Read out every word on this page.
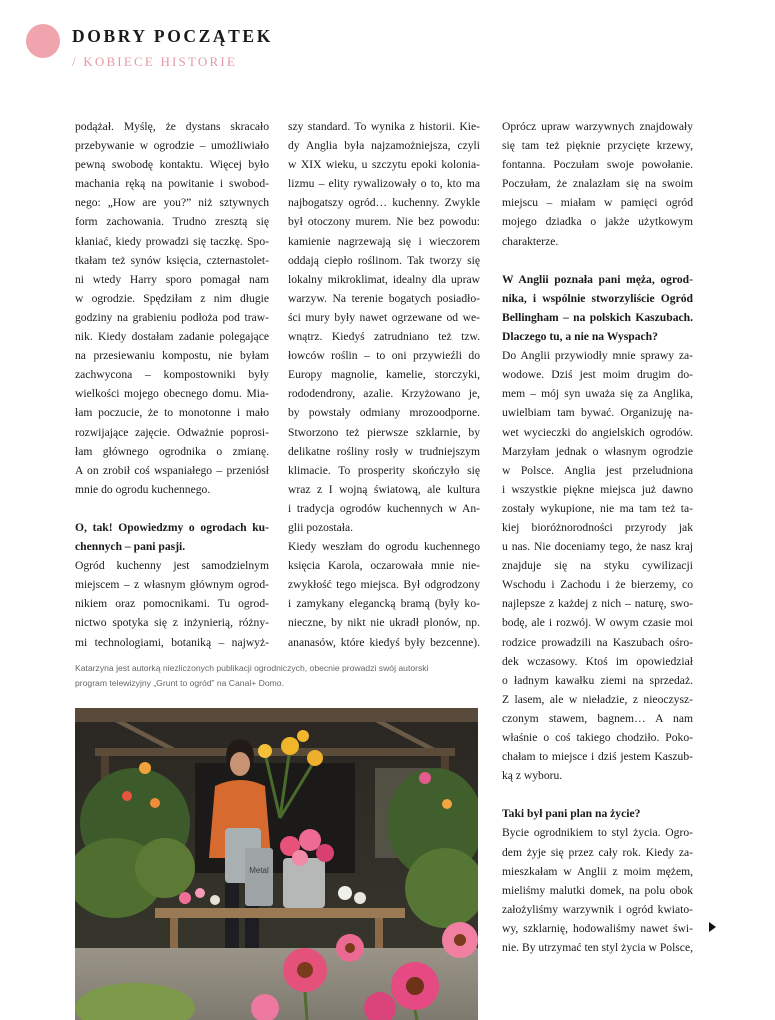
DOBRY POCZĄTEK
/ KOBIECE HISTORIE

podążał. Myślę, że dystans skracało

przebywanie w ogrodzie – umożliwiało

pewną swobodę kontaktu. Więcej było

machania ręką na powitanie i swobod-

nego: „How are you?” niż sztywnych

form zachowania. Trudno zresztą się

kłaniać, kiedy prowadzi się taczkę. Spo-

tkałam też synów księcia, czternastolet-

ni wtedy Harry sporo pomagał nam

w ogrodzie. Spędziłam z nim długie

godziny na grabieniu podłoża pod traw-

nik. Kiedy dostałam zadanie polegające

na przesiewaniu kompostu, nie byłam

zachwycona – kompostowniki były

wielkości mojego obecnego domu. Mia-

łam poczucie, że to monotonne i mało

rozwijające zajęcie. Odważnie poprosi-

łam głównego ogrodnika o zmianę.

A on zrobił coś wspaniałego – przeniósł

mnie do ogrodu kuchennego.

O, tak! Opowiedzmy o ogrodach ku-

chennych – pani pasji.

Ogród kuchenny jest samodzielnym

miejscem – z własnym głównym ogrod-

nikiem oraz pomocnikami. Tu ogrod-

nictwo spotyka się z inżynierią, różny-

mi technologiami, botaniką – najwyż-

szy standard. To wynika z historii. Kie-

dy Anglia była najzamożniejsza, czyli

w XIX wieku, u szczytu epoki kolonia-

lizmu – elity rywalizowały o to, kto ma

najbogatszy ogród… kuchenny. Zwykle

był otoczony murem. Nie bez powodu:

kamienie nagrzewają się i wieczorem

oddają ciepło roślinom. Tak tworzy się

lokalny mikroklimat, idealny dla upraw

warzyw. Na terenie bogatych posiadło-

ści mury były nawet ogrzewane od we-

wnątrz. Kiedyś zatrudniano też tzw.

łowców roślin – to oni przywieźli do

Europy magnolie, kamelie, storczyki,

rododendrony, azalie. Krzyżowano je,

by powstały odmiany mrozoodporne.

Stworzono też pierwsze szklarnie, by

delikatne rośliny rosły w trudniejszym

klimacie. To prosperity skończyło się

wraz z I wojną światową, ale kultura

i tradycja ogrodów kuchennych w An-

glii pozostała.

Kiedy weszłam do ogrodu kuchennego

księcia Karola, oczarowała mnie nie-

zwykłość tego miejsca. Był odgrodzony

i zamykany elegancką bramą (były ko-

nieczne, by nikt nie ukradł plonów, np.

ananasów, które kiedyś były bezcenne).

Oprócz upraw warzywnych znajdowały

się tam też pięknie przycięte krzewy,

fontanna. Poczułam swoje powołanie.

Poczułam, że znalazłam się na swoim

miejscu – miałam w pamięci ogród

mojego dziadka o jakże użytkowym

charakterze.

W Anglii poznała pani męża, ogrod-

nika, i wspólnie stworzyliście Ogród

Bellingham – na polskich Kaszubach.

Dlaczego tu, a nie na Wyspach?

Do Anglii przywiodły mnie sprawy za-

wodowe. Dziś jest moim drugim do-

mem – mój syn uważa się za Anglika,

uwielbiam tam bywać. Organizuję na-

wet wycieczki do angielskich ogrodów.

Marzyłam jednak o własnym ogrodzie

w Polsce. Anglia jest przeludniona

i wszystkie piękne miejsca już dawno

zostały wykupione, nie ma tam też ta-

kiej bioróżnorodności przyrody jak

u nas. Nie doceniamy tego, że nasz kraj

znajduje się na styku cywilizacji

Wschodu i Zachodu i że bierzemy, co

najlepsze z każdej z nich – naturę, swo-

bodę, ale i rozwój. W owym czasie moi

rodzice prowadzili na Kaszubach ośro-

dek wczasowy. Ktoś im opowiedział

o ładnym kawałku ziemi na sprzedaż.

Z lasem, ale w nieładzie, z nieoczysz-

czonym stawem, bagnem… A nam

właśnie o coś takiego chodziło. Poko-

chałam to miejsce i dziś jestem Kaszub-

ką z wyboru.

Taki był pani plan na życie?

Bycie ogrodnikiem to styl życia. Ogro-

dem żyje się przez cały rok. Kiedy za-

mieszkałam w Anglii z moim mężem,

mieliśmy malutki domek, na polu obok

założyliśmy warzywnik i ogród kwiato-

wy, szklarnię, hodowaliśmy nawet świ-

nie. By utrzymać ten styl życia w Polsce,

Katarzyna jest autorką niezliczonych publikacji ogrodniczych, obecnie prowadzi swój autorski

program telewizyjny „Grunt to ogród” na Canal+ Domo.

Metal
